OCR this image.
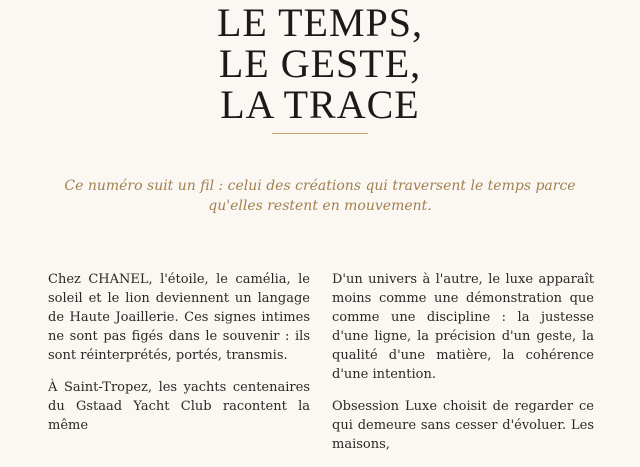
LE TEMPS,
LE GESTE,
LA TRACE

Ce numéro suit un fil : celui des créations qui traversent le temps parce qu'elles restent en mouvement.

Chez CHANEL, l'étoile, le camélia, le soleil et le lion deviennent un langage de Haute Joaillerie. Ces signes intimes ne sont pas figés dans le souvenir : ils sont réinterprétés, portés, transmis.

À Saint-Tropez, les yachts centenaires du Gstaad Yacht Club racontent la même

D'un univers à l'autre, le luxe apparaît moins comme une démonstration que comme une discipline : la justesse d'une ligne, la précision d'un geste, la qualité d'une matière, la cohérence d'une intention.

Obsession Luxe choisit de regarder ce qui demeure sans cesser d'évoluer. Les maisons,
